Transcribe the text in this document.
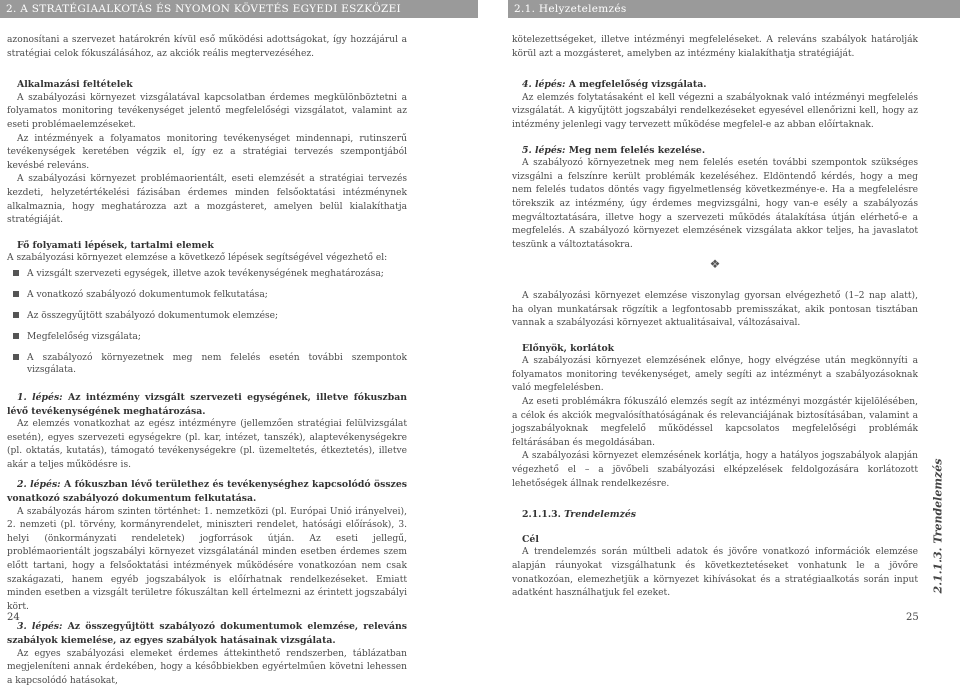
2. A STRATÉGIAALKOTÁS ÉS NYOMON KÖVETÉS EGYEDI ESZKÖZEI	2.1. Helyzetelemzés

azonosítani a szervezet határokrén kívül eső működési adottságokat, így hozzájárul a stratégiai celok fókuszálásához, az akciók reális megtervezéséhez.

Alkalmazási feltételek

A szabályozási környezet vizsgálatával kapcsolatban érdemes megkülönböztetni a folyamatos monitoring tevékenységet jelentő megfelelőségi vizsgálatot, valamint az eseti problémaelemzéseket.

Az intézmények a folyamatos monitoring tevékenységet mindennapi, rutinszerű tevékenységek keretében végzik el, így ez a stratégiai tervezés szempontjából kevésbé releváns.

A szabályozási környezet problémaorientált, eseti elemzését a stratégiai tervezés kezdeti, helyzetértékelési fázisában érdemes minden felsőoktatási intézménynek alkalmaznia, hogy meghatározza azt a mozgásteret, amelyen belül kialakíthatja stratégiáját.

Fő folyamati lépések, tartalmi elemek

A szabályozási környezet elemzése a következő lépések segítségével végezhető el:

A vizsgált szervezeti egységek, illetve azok tevékenységének meghatározása;
A vonatkozó szabályozó dokumentumok felkutatása;
Az összegyűjtött szabályozó dokumentumok elemzése;
Megfelelőség vizsgálata;
A szabályozó környezetnek meg nem felelés esetén további szempontok vizsgálata.

1. lépés: Az intézmény vizsgált szervezeti egységének, illetve fókuszban lévő tevékenységének meghatározása.

Az elemzés vonatkozhat az egész intézményre (jellemzően stratégiai felülvizsgálat esetén), egyes szervezeti egységekre (pl. kar, intézet, tanszék), alaptevékenységekre (pl. oktatás, kutatás), támogató tevékenységekre (pl. üzemeltetés, étkeztetés), illetve akár a teljes működésre is.

2. lépés: A fókuszban lévő területhez és tevékenységhez kapcsolódó összes vonatkozó szabályozó dokumentum felkutatása.

A szabályozás három szinten történhet: 1. nemzetközi (pl. Európai Unió irányelvei), 2. nemzeti (pl. törvény, kormányrendelet, miniszteri rendelet, hatósági előírások), 3. helyi (önkormányzati rendeletek) jogforrások útján. Az eseti jellegű, problémaorientált jogszabályi környezet vizsgálatánál minden esetben érdemes szem előtt tartani, hogy a felsőoktatási intézmények működésére vonatkozóan nem csak szakágazati, hanem egyéb jogszabályok is előírhatnak rendelkezéseket. Emiatt minden esetben a vizsgált területre fókuszáltan kell értelmezni az érintett jogszabályi kört.

3. lépés: Az összegyűjtött szabályozó dokumentumok elemzése, releváns szabályok kiemelése, az egyes szabályok hatásainak vizsgálata.

Az egyes szabályozási elemeket érdemes áttekinthető rendszerben, táblázatban megjeleníteni annak érdekében, hogy a későbbiekben egyértelműen követni lehessen a kapcsolódó hatásokat,

24

kötelezettségeket, illetve intézményi megfeleléseket. A releváns szabályok határolják körül azt a mozgásteret, amelyben az intézmény kialakíthatja stratégiáját.

4. lépés: A megfelelőség vizsgálata.

Az elemzés folytatásaként el kell végezni a szabályoknak való intézményi megfelelés vizsgálatát. A kigyűjtött jogszabályi rendelkezéseket egyesével ellenőrizni kell, hogy az intézmény jelenlegi vagy tervezett működése megfelel-e az abban előírtaknak.

5. lépés: Meg nem felelés kezelése.

A szabályozó környezetnek meg nem felelés esetén további szempontok szükséges vizsgálni a felszínre került problémák kezeléséhez. Eldöntendő kérdés, hogy a meg nem felelés tudatos döntés vagy figyelmetlenség következménye-e. Ha a megfelelésre törekszik az intézmény, úgy érdemes megvizsgálni, hogy van-e esély a szabályozás megváltoztatására, illetve hogy a szervezeti működés átalakítása útján elérhető-e a megfelelés. A szabályozó környezet elemzésének vizsgálata akkor teljes, ha javaslatot teszünk a változtatásokra.

❖

A szabályozási környezet elemzése viszonylag gyorsan elvégezhető (1–2 nap alatt), ha olyan munkatársak rögzítik a legfontosabb premisszákat, akik pontosan tisztában vannak a szabályozási környezet aktualitásaival, változásaival.

Előnyök, korlátok

A szabályozási környezet elemzésének előnye, hogy elvégzése után megkönnyíti a folyamatos monitoring tevékenységet, amely segíti az intézményt a szabályozásoknak való megfelelésben.

Az eseti problémákra fókuszáló elemzés segít az intézményi mozgástér kijelölésében, a célok és akciók megvalósíthatóságának és relevanciájának biztosításában, valamint a jogszabályoknak megfelelő működéssel kapcsolatos megfelelőségi problémák feltárásában és megoldásában.

A szabályozási környezet elemzésének korlátja, hogy a hatályos jogszabályok alapján végezhető el – a jövőbeli szabályozási elképzelések feldolgozására korlátozott lehetőségek állnak rendelkezésre.

2.1.1.3. Trendelemzés

Cél

A trendelemzés során múltbeli adatok és jövőre vonatkozó információk elemzése alapján ráunyokat vizsgálhatunk és következtetéseket vonhatunk le a jövőre vonatkozóan, elemezhetjük a környezet kihívásokat és a stratégiaalkotás során input adatként használhatjuk fel ezeket.

25
2.1.1.3. Trendelemzés
